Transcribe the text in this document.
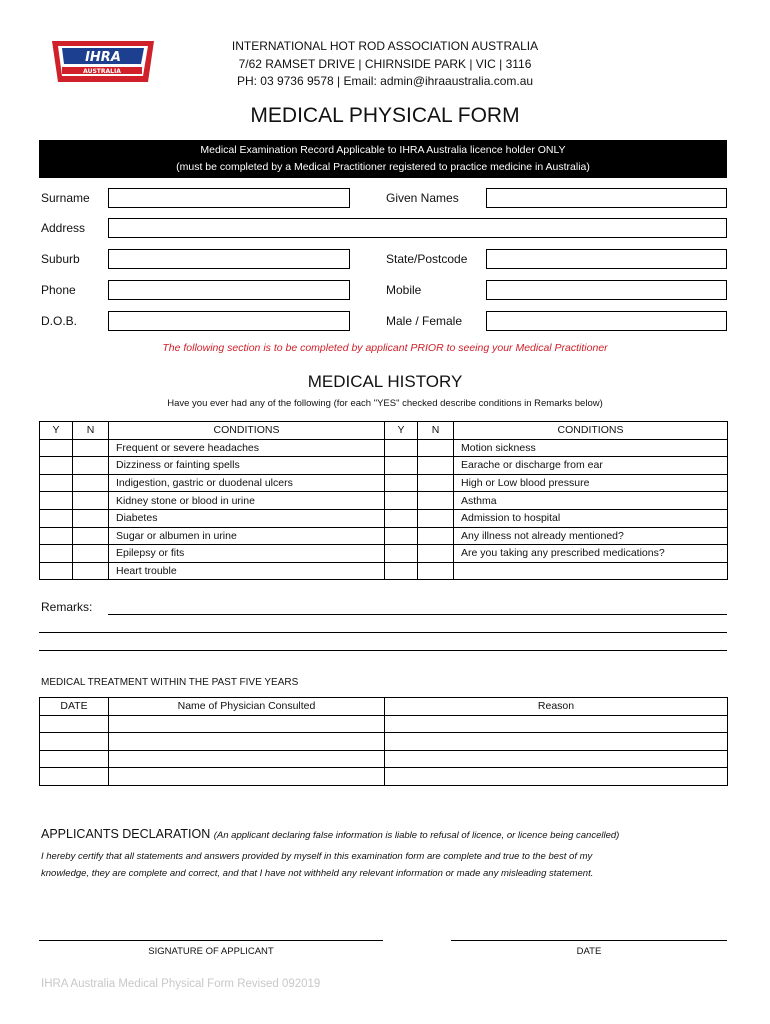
IHRA
AUSTRALIA
INTERNATIONAL HOT ROD ASSOCIATION AUSTRALIA
7/62 RAMSET DRIVE | CHIRNSIDE PARK | VIC | 3116
PH: 03 9736 9578 | Email: admin@ihraaustralia.com.au
MEDICAL PHYSICAL FORM
Medical Examination Record Applicable to IHRA Australia licence holder ONLY
(must be completed by a Medical Practitioner registered to practice medicine in Australia)
Surname	Given Names
Address
Suburb	State/Postcode
Phone	Mobile
D.O.B.	Male / Female
The following section is to be completed by applicant PRIOR to seeing your Medical Practitioner
MEDICAL HISTORY
Have you ever had any of the following (for each "YES" checked describe conditions in Remarks below)
Y	N	CONDITIONS	Y	N	CONDITIONS
		Frequent or severe headaches			Motion sickness
		Dizziness or fainting spells			Earache or discharge from ear
		Indigestion, gastric or duodenal ulcers			High or Low blood pressure
		Kidney stone or blood in urine			Asthma
		Diabetes			Admission to hospital
		Sugar or albumen in urine			Any illness not already mentioned?
		Epilepsy or fits			Are you taking any prescribed medications?
		Heart trouble			
Remarks:
MEDICAL TREATMENT WITHIN THE PAST FIVE YEARS
DATE	Name of Physician Consulted	Reason

APPLICANTS DECLARATION (An applicant declaring false information is liable to refusal of licence, or licence being cancelled)
I hereby certify that all statements and answers provided by myself in this examination form are complete and true to the best of my
knowledge, they are complete and correct, and that I have not withheld any relevant information or made any misleading statement.
SIGNATURE OF APPLICANT	DATE
IHRA Australia Medical Physical Form Revised 092019
